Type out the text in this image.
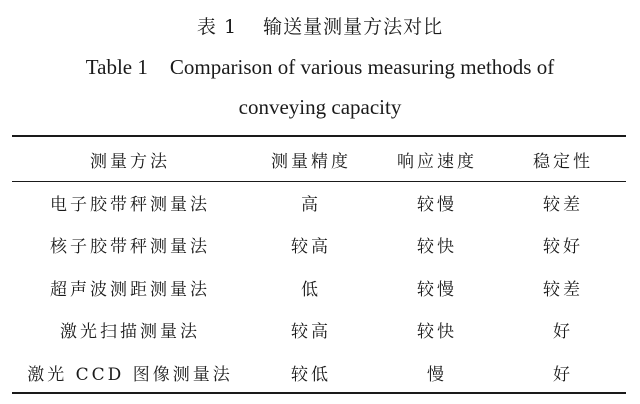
表 1 输送量测量方法对比
Table 1 Comparison of various measuring methods of
conveying capacity
测量方法	测量精度	响应速度	稳定性
电子胶带秤测量法	高	较慢	较差
核子胶带秤测量法	较高	较快	较好
超声波测距测量法	低	较慢	较差
激光扫描测量法	较高	较快	好
激光 CCD 图像测量法	较低	慢	好
